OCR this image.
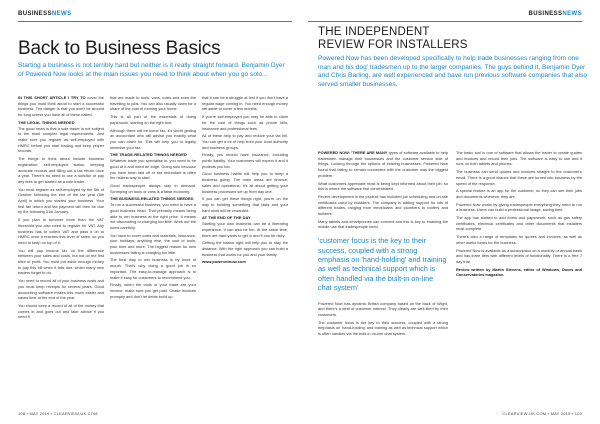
BUSINESSNEWS
Back to Business Basics

Starting a business is not terribly hard but neither is it really straight forward. Benjamin Dyer of Powered Now looks at the main issues you need to think about when you go solo...

IN THIS SHORT ARTICLE I TRY TO cover the things you must think about to start a successful business. The danger is that you won't be around for long unless you have all of these nailed.

THE LEGAL THINGS NEEDED

The good news is that a sole trader is not subject to the most complex legal requirements. Just make sure you register as self-employed with HMRC before you start trading and keep proper records.

The things to think about include business registration, self-employed status, keeping accurate records and filling out a tax return once a year. There's no need to use a solicitor or pay any fees to get started as a sole trader.

You must register as self-employed by the 5th of October following the end of the tax year (5th April) in which you started your business. Your first tax return and tax payment will then be due by the following 31st January.

If you plan to turnover more than the VAT threshold you also need to register for VAT. Any business has to collect VAT and pass it on to HMRC once it reaches this level of sales, so you need to keep on top of it.

You will pay income tax on the difference between your sales and costs, but not on the first slice of profit. You must put aside enough money to pay this bill when it falls due, which many new traders forget to do.

You need to record all of your business costs and you must keep receipts for several years. Good accounting software makes this much easier and saves time at the end of the year.

You should keep a record of all of the money that comes in and goes out and take advice if you need it.

that are made to tools, vans, costs and even the travelling to jobs. You can also usually claim for a share of the cost of running your home.

This is all part of the essentials of doing paperwork, starting on the right foot.

Although there will be some tax, it's worth getting an accountant who will advise you exactly what you can claim for. This will help you to legally minimise your tax.

THE TRADE-RELATED THINGS NEEDED

Whatever trade you specialise in, you need to be good at it and need an edge. Going solo because you have been laid off or are redundant is often the riskiest way to start.

Good tradespeople always stay in demand. Scrimping on tools or vans is a false economy.

THE BUSINESS-RELATED THINGS NEEDED

To run a successful business, you need to have a good business head. That primarily means being able to win business at the right price. It means not discounting or charging too little. Work out the sums carefully.

You have to cover costs and materials, insurance, your holidays, anything else, the cost of tools, your time and more. The biggest reason for new businesses failing is charging too little.

The best way to win business is by word of mouth. That's why doing a good job is so important. The easy-to-manage approach is to make it easy for customers to recommend you.

Finally, when the tools of your trade are your income, make sure you get paid. Chase invoices promptly and don't let debts build up.

that it can be a struggle at first if you don't have a regular wage coming in. You need enough money set aside to cover a few months.

If you're self-employed you may be able to claim for the cost of things such as phone bills, insurance and professional fees.

All of these help to pay and reduce your tax bill. You can get a lot of help from your local authority and business groups.

Finally, you should have insurance, including public liability. Your customers will expect it and it protects you too.

Good business habits will help you to keep a business going. The main areas are finance, sales and operations. It's all about getting your business processes set up from day one.

If you can get these things right, you're on the way to building something that lasts and your hard work will be rewarded.

AT THE END OF THE DAY

Starting your own business can be a liberating experience. It can also be fun. At the same time, there are hard yards to get in and it can be risky.

Getting the basics right will help you to stay the distance. With the right approach you can build a business that works for you and your family.

www.powerednow.com

108 ▪ MAY 2019 ▪ CLEARVIEW-UK.COM
BUSINESSNEWS
THE INDEPENDENT
REVIEW FOR INSTALLERS

Powered Now has been developed specifically to help trade businesses ranging from one man and his dog' tradesmen up to the larger companies. The guys behind it, Benjamin Dyer and Chris Barling, are well experienced and have run previous software companies that also served smaller businesses.

POWERED NOW: 'THERE ARE MANY types of software available to help tradesmen manage their businesses and the customer service side of things. Looking through the options of existing businesses, Powered Now found that failing to remain connected with the customer was the biggest problem.

What customers appreciate most is being kept informed about their job, so this is where the software first concentrated.

Recent development in the product has included job scheduling and on-site certificates used by installers. The company is adding support for lots of different trades, ranging from electricians and plumbers to roofers and builders.

Many tablets and smartphones can connect and this is key to enabling the mobile use that tradespeople need.

'customer focus is the key to their success, coupled with a strong emphasis on 'hand-holding' and training as well as technical support which is often handled via the built-in on-line chat system'

Powered Now has dynamic British company based on the back of Wight, and there's a deal of customer interest. They clearly are well-liked by their customers.

The customer focus is the key to their success, coupled with a strong emphasis on 'hand-holding' and training as well as technical support which is often handled via the built-in on-line chat system.

The basic tool is one of software that allows the trader to create quotes and invoices and record their jobs. The software is easy to use and it runs on both tablets and phones.

The business can send quotes and invoices straight to the customer's email. There is a good chance that these are turned into business by the speed of the response.

A special feature is an app for the customer, so they can see their jobs and documents wherever they are.

Powered Now works by giving tradespeople everything they need to run a business. Users can build a professional image, saving time.

The app has started to add forms and paperwork, such as gas safety certificates, electrical certificates and other documents that installers must complete.

There's also a range of templates for quotes and invoices, as well as other useful forms for the business.

Powered Now is available as a subscription on a monthly or annual basis and has three tiers with different levels of functionality. There is a free 7 day trial.

Review written by Martin Stevens, editor of Windows, Doors and Conservatories magazine.

CLEARVIEW-UK.COM ▪ MAY 2019 ▪ 109
